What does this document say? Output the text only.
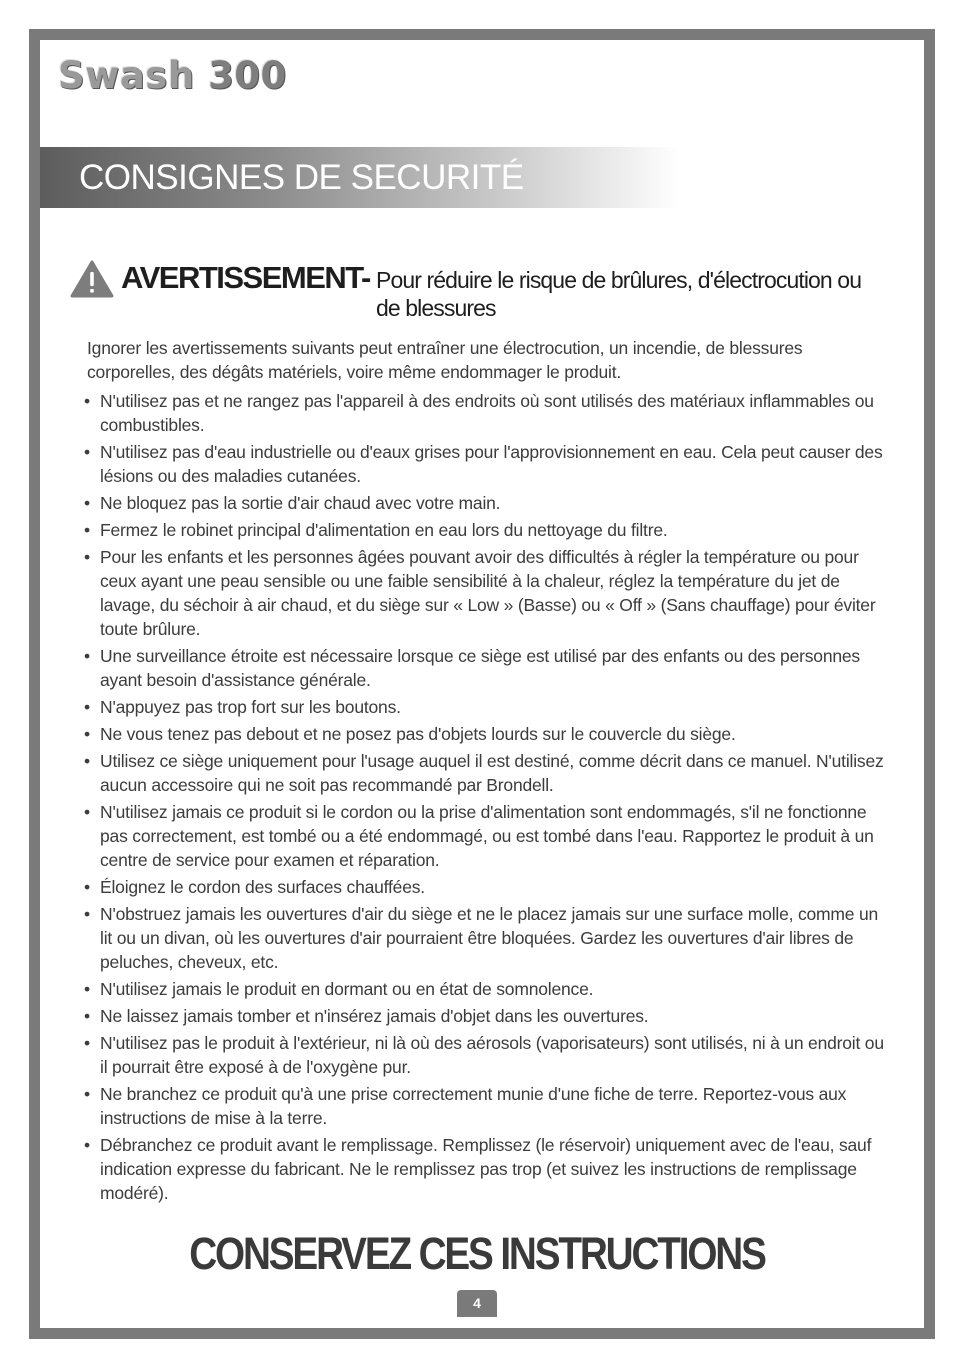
Swash 300
CONSIGNES DE SECURITÉ
AVERTISSEMENT- Pour réduire le risque de brûlures, d'électrocution ou de blessures

Ignorer les avertissements suivants peut entraîner une électrocution, un incendie, de blessures corporelles, des dégâts matériels, voire même endommager le produit.

• N'utilisez pas et ne rangez pas l'appareil à des endroits où sont utilisés des matériaux inflammables ou combustibles.
• N'utilisez pas d'eau industrielle ou d'eaux grises pour l'approvisionnement en eau. Cela peut causer des lésions ou des maladies cutanées.
• Ne bloquez pas la sortie d'air chaud avec votre main.
• Fermez le robinet principal d'alimentation en eau lors du nettoyage du filtre.
• Pour les enfants et les personnes âgées pouvant avoir des difficultés à régler la température ou pour ceux ayant une peau sensible ou une faible sensibilité à la chaleur, réglez la température du jet de lavage, du séchoir à air chaud, et du siège sur « Low » (Basse) ou « Off » (Sans chauffage) pour éviter toute brûlure.
• Une surveillance étroite est nécessaire lorsque ce siège est utilisé par des enfants ou des personnes ayant besoin d'assistance générale.
• N'appuyez pas trop fort sur les boutons.
• Ne vous tenez pas debout et ne posez pas d'objets lourds sur le couvercle du siège.
• Utilisez ce siège uniquement pour l'usage auquel il est destiné, comme décrit dans ce manuel. N'utilisez aucun accessoire qui ne soit pas recommandé par Brondell.
• N'utilisez jamais ce produit si le cordon ou la prise d'alimentation sont endommagés, s'il ne fonctionne pas correctement, est tombé ou a été endommagé, ou est tombé dans l'eau. Rapportez le produit à un centre de service pour examen et réparation.
• Éloignez le cordon des surfaces chauffées.
• N'obstruez jamais les ouvertures d'air du siège et ne le placez jamais sur une surface molle, comme un lit ou un divan, où les ouvertures d'air pourraient être bloquées. Gardez les ouvertures d'air libres de peluches, cheveux, etc.
• N'utilisez jamais le produit en dormant ou en état de somnolence.
• Ne laissez jamais tomber et n'insérez jamais d'objet dans les ouvertures.
• N'utilisez pas le produit à l'extérieur, ni là où des aérosols (vaporisateurs) sont utilisés, ni à un endroit ou il pourrait être exposé à de l'oxygène pur.
• Ne branchez ce produit qu'à une prise correctement munie d'une fiche de terre. Reportez-vous aux instructions de mise à la terre.
• Débranchez ce produit avant le remplissage. Remplissez (le réservoir) uniquement avec de l'eau, sauf indication expresse du fabricant. Ne le remplissez pas trop (et suivez les instructions de remplissage modéré).
CONSERVEZ CES INSTRUCTIONS
4
